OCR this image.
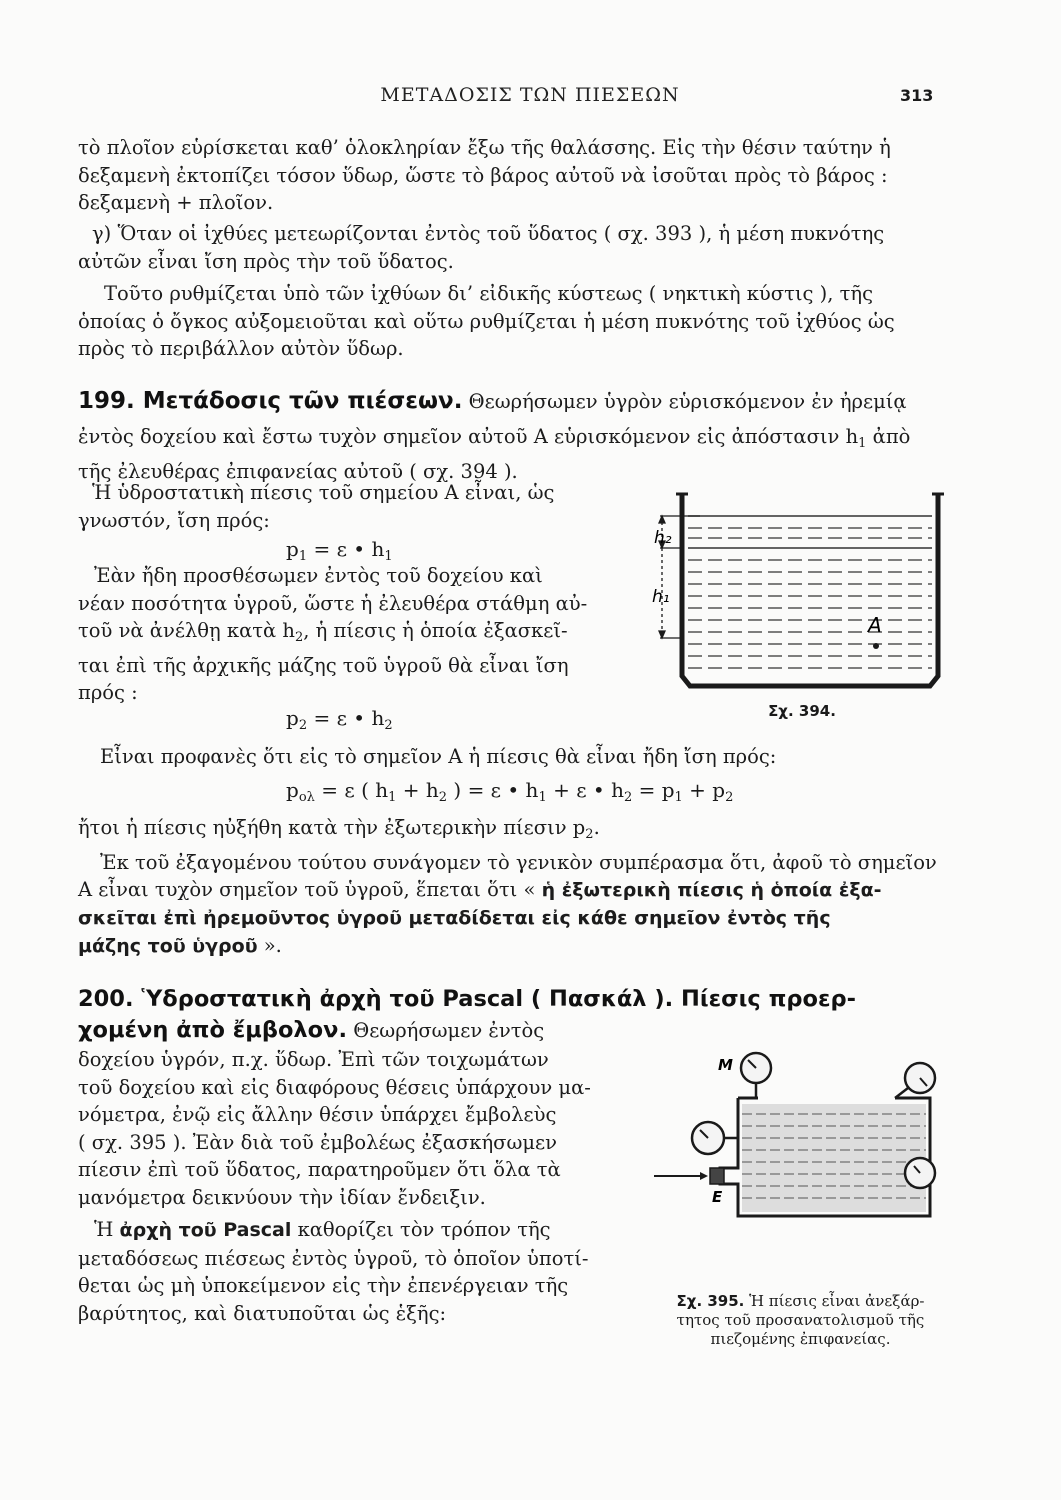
ΜΕΤΑΔΟΣΙΣ ΤΩΝ ΠΙΕΣΕΩΝ	313
τὸ πλοῖον εὑρίσκεται καθ’ ὁλοκληρίαν ἔξω τῆς θαλάσσης. Εἰς τὴν θέσιν ταύτην ἡ
δεξαμενὴ ἐκτοπίζει τόσον ὕδωρ, ὥστε τὸ βάρος αὐτοῦ νὰ ἰσοῦται πρὸς τὸ βάρος :
δεξαμενὴ + πλοῖον.
γ) Ὅταν οἱ ἰχθύες μετεωρίζονται ἐντὸς τοῦ ὕδατος ( σχ. 393 ), ἡ μέση πυκνότης
αὐτῶν εἶναι ἴση πρὸς τὴν τοῦ ὕδατος.
Τοῦτο ρυθμίζεται ὑπὸ τῶν ἰχθύων δι’ εἰδικῆς κύστεως ( νηκτικὴ κύστις ), τῆς
ὁποίας ὁ ὄγκος αὐξομειοῦται καὶ οὕτω ρυθμίζεται ἡ μέση πυκνότης τοῦ ἰχθύος ὡς
πρὸς τὸ περιβάλλον αὐτὸν ὕδωρ.
199. Μετάδοσις τῶν πιέσεων. Θεωρήσωμεν ὑγρὸν εὑρισκόμενον ἐν ἠρεμίᾳ
ἐντὸς δοχείου καὶ ἔστω τυχὸν σημεῖον αὐτοῦ Α εὑρισκόμενον εἰς ἀπόστασιν $h_1$ ἀπὸ
τῆς ἐλευθέρας ἐπιφανείας αὐτοῦ ( σχ. 394 ).
Ἡ ὑδροστατικὴ πίεσις τοῦ σημείου Α εἶναι, ὡς
γνωστόν, ἴση πρός:
$p_1 = \varepsilon$ • $h_1$
Ἐὰν ἤδη προσθέσωμεν ἐντὸς τοῦ δοχείου καὶ
νέαν ποσότητα ὑγροῦ, ὥστε ἡ ἐλευθέρα στάθμη αὐ-
τοῦ νὰ ἀνέλθῃ κατὰ $h_2$, ἡ πίεσις ἡ ὁποία ἐξασκεῖ-
ται ἐπὶ τῆς ἀρχικῆς μάζης τοῦ ὑγροῦ θὰ εἶναι ἴση
πρός :
$p_2 = \varepsilon$ • $h_2$
h₂
h₁
Α
Σχ. 394.
Εἶναι προφανὲς ὅτι εἰς τὸ σημεῖον Α ἡ πίεσις θὰ εἶναι ἤδη ἴση πρός:
$p_{o\lambda} = \varepsilon$ ( $h_1 + h_2$ ) = ε • $h_1 + \varepsilon$ • $h_2 = p_1 + p_2$
ἤτοι ἡ πίεσις ηὐξήθη κατὰ τὴν ἐξωτερικὴν πίεσιν $p_2$.
Ἐκ τοῦ ἐξαγομένου τούτου συνάγομεν τὸ γενικὸν συμπέρασμα ὅτι, ἀφοῦ τὸ σημεῖον
Α εἶναι τυχὸν σημεῖον τοῦ ὑγροῦ, ἕπεται ὅτι « ἡ ἐξωτερικὴ πίεσις ἡ ὁποία ἐξα-
σκεῖται ἐπὶ ἠρεμοῦντος ὑγροῦ μεταδίδεται εἰς κάθε σημεῖον ἐντὸς τῆς
μάζης τοῦ ὑγροῦ ».
200. Ὑδροστατικὴ ἀρχὴ τοῦ Pascal ( Πασκάλ ). Πίεσις προερ-
χομένη ἀπὸ ἔμβολον. Θεωρήσωμεν ἐντὸς
δοχείου ὑγρόν, π.χ. ὕδωρ. Ἐπὶ τῶν τοιχωμάτων
τοῦ δοχείου καὶ εἰς διαφόρους θέσεις ὑπάρχουν μα-
νόμετρα, ἐνῷ εἰς ἄλλην θέσιν ὑπάρχει ἔμβολεὺς
( σχ. 395 ). Ἐὰν διὰ τοῦ ἐμβολέως ἐξασκήσωμεν
πίεσιν ἐπὶ τοῦ ὕδατος, παρατηροῦμεν ὅτι ὅλα τὰ
μανόμετρα δεικνύουν τὴν ἰδίαν ἔνδειξιν.
Ἡ ἀρχὴ τοῦ Pascal καθορίζει τὸν τρόπον τῆς
μεταδόσεως πιέσεως ἐντὸς ὑγροῦ, τὸ ὁποῖον ὑποτί-
θεται ὡς μὴ ὑποκείμενον εἰς τὴν ἐπενέργειαν τῆς
βαρύτητος, καὶ διατυποῦται ὡς ἑξῆς:
Μ
Ε
Σχ. 395. Ἡ πίεσις εἶναι ἀνεξάρ-
τητος τοῦ προσανατολισμοῦ τῆς
πιεζομένης ἐπιφανείας.
